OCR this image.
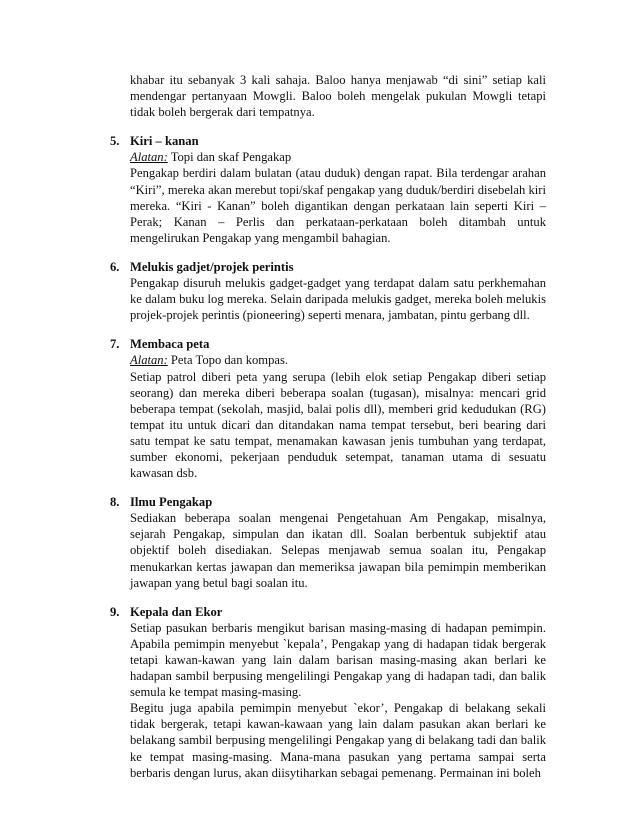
khabar itu sebanyak 3 kali sahaja. Baloo hanya menjawab “di sini” setiap kali mendengar pertanyaan Mowgli. Baloo boleh mengelak pukulan Mowgli tetapi tidak boleh bergerak dari tempatnya.

5. Kiri – kanan
Alatan: Topi dan skaf Pengakap

Pengakap berdiri dalam bulatan (atau duduk) dengan rapat. Bila terdengar arahan “Kiri”, mereka akan merebut topi/skaf pengakap yang duduk/berdiri disebelah kiri mereka. “Kiri - Kanan” boleh digantikan dengan perkataan lain seperti Kiri – Perak; Kanan – Perlis dan perkataan-perkataan boleh ditambah untuk mengelirukan Pengakap yang mengambil bahagian.

6. Melukis gadjet/projek perintis

Pengakap disuruh melukis gadget-gadget yang terdapat dalam satu perkhemahan ke dalam buku log mereka. Selain daripada melukis gadget, mereka boleh melukis projek-projek perintis (pioneering) seperti menara, jambatan, pintu gerbang dll.

7. Membaca peta
Alatan: Peta Topo dan kompas.

Setiap patrol diberi peta yang serupa (lebih elok setiap Pengakap diberi setiap seorang) dan mereka diberi beberapa soalan (tugasan), misalnya: mencari grid beberapa tempat (sekolah, masjid, balai polis dll), memberi grid kedudukan (RG) tempat itu untuk dicari dan ditandakan nama tempat tersebut, beri bearing dari satu tempat ke satu tempat, menamakan kawasan jenis tumbuhan yang terdapat, sumber ekonomi, pekerjaan penduduk setempat, tanaman utama di sesuatu kawasan dsb.

8. Ilmu Pengakap

Sediakan beberapa soalan mengenai Pengetahuan Am Pengakap, misalnya, sejarah Pengakap, simpulan dan ikatan dll. Soalan berbentuk subjektif atau objektif boleh disediakan. Selepas menjawab semua soalan itu, Pengakap menukarkan kertas jawapan dan memeriksa jawapan bila pemimpin memberikan jawapan yang betul bagi soalan itu.

9. Kepala dan Ekor

Setiap pasukan berbaris mengikut barisan masing-masing di hadapan pemimpin. Apabila pemimpin menyebut `kepala’, Pengakap yang di hadapan tidak bergerak tetapi kawan-kawan yang lain dalam barisan masing-masing akan berlari ke hadapan sambil berpusing mengelilingi Pengakap yang di hadapan tadi, dan balik semula ke tempat masing-masing.

Begitu juga apabila pemimpin menyebut `ekor’, Pengakap di belakang sekali tidak bergerak, tetapi kawan-kawaan yang lain dalam pasukan akan berlari ke belakang sambil berpusing mengelilingi Pengakap yang di belakang tadi dan balik ke tempat masing-masing. Mana-mana pasukan yang pertama sampai serta berbaris dengan lurus, akan diisytiharkan sebagai pemenang. Permainan ini boleh
